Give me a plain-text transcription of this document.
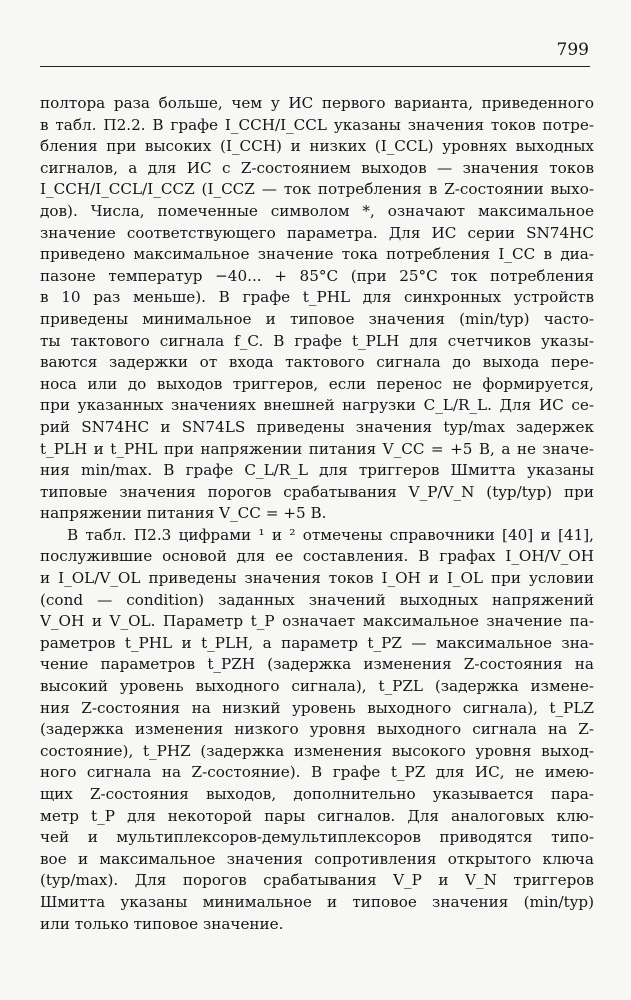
799
полтора раза больше, чем у ИС первого варианта, приведенного
в табл. П2.2. В графе I_CCH/I_CCL указаны значения токов потре-
бления при высоких (I_CCH) и низких (I_CCL) уровнях выходных
сигналов, а для ИС с Z-состоянием выходов — значения токов
I_CCH/I_CCL/I_CCZ (I_CCZ — ток потребления в Z-состоянии выхо-
дов). Числа, помеченные символом *, означают максимальное
значение соответствующего параметра. Для ИС серии SN74HC
приведено максимальное значение тока потребления I_CC в диа-
пазоне температур −40... + 85°C (при 25°C ток потребления
в 10 раз меньше). В графе t_PHL для синхронных устройств
приведены минимальное и типовое значения (min/typ) часто-
ты тактового сигнала f_C. В графе t_PLH для счетчиков указы-
ваются задержки от входа тактового сигнала до выхода пере-
носа или до выходов триггеров, если перенос не формируется,
при указанных значениях внешней нагрузки C_L/R_L. Для ИС се-
рий SN74HC и SN74LS приведены значения typ/max задержек
t_PLH и t_PHL при напряжении питания V_CC = +5 В, а не значе-
ния min/max. В графе C_L/R_L для триггеров Шмитта указаны
типовые значения порогов срабатывания V_P/V_N (typ/typ) при
напряжении питания V_CC = +5 В.
В табл. П2.3 цифрами ¹ и ² отмечены справочники [40] и [41],
послужившие основой для ее составления. В графах I_OH/V_OH
и I_OL/V_OL приведены значения токов I_OH и I_OL при условии
(cond — condition) заданных значений выходных напряжений
V_OH и V_OL. Параметр t_P означает максимальное значение па-
раметров t_PHL и t_PLH, а параметр t_PZ — максимальное зна-
чение параметров t_PZH (задержка изменения Z-состояния на
высокий уровень выходного сигнала), t_PZL (задержка измене-
ния Z-состояния на низкий уровень выходного сигнала), t_PLZ
(задержка изменения низкого уровня выходного сигнала на Z-
состояние), t_PHZ (задержка изменения высокого уровня выход-
ного сигнала на Z-состояние). В графе t_PZ для ИС, не имею-
щих Z-состояния выходов, дополнительно указывается пара-
метр t_P для некоторой пары сигналов. Для аналоговых клю-
чей и мультиплексоров-демультиплексоров приводятся типо-
вое и максимальное значения сопротивления открытого ключа
(typ/max). Для порогов срабатывания V_P и V_N триггеров
Шмитта указаны минимальное и типовое значения (min/typ)
или только типовое значение.
